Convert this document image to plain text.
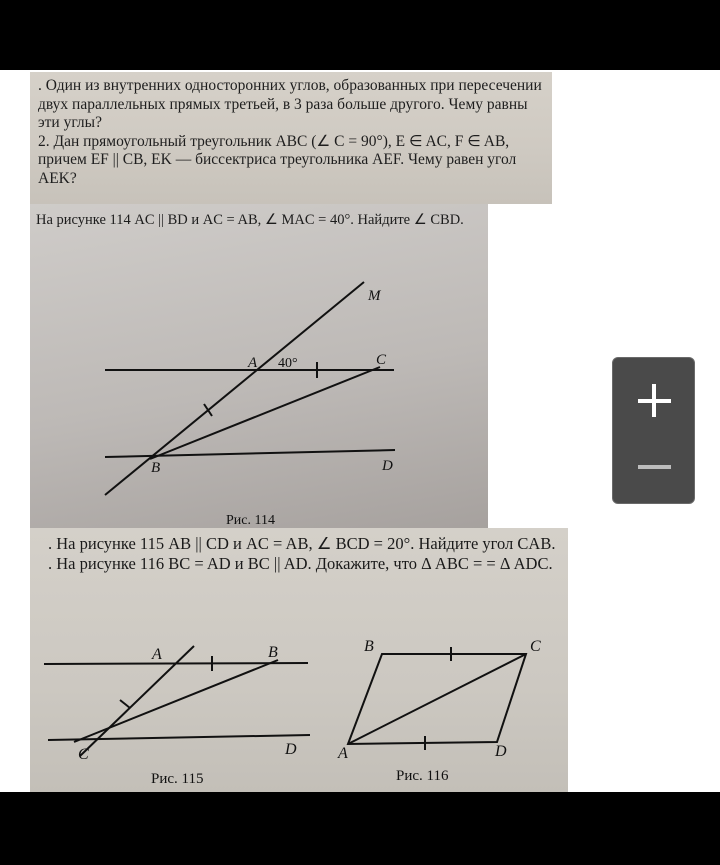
. Один из внутренних односторонних углов, образованных при пересечении двух параллельных прямых третьей, в 3 раза больше другого. Чему равны эти углы?

2. Дан прямоугольный треугольник ABC (∠ C = 90°), E ∈ AC, F ∈ AB, причем EF || CB, EK — биссектриса треугольника AEF. Чему равен угол AEK?

На рисунке 114 AC || BD и AC = AB, ∠ MAC = 40°. Найдите ∠ CBD.
M
A 40°	C
B	D
Рис. 114

. На рисунке 115 AB || CD и AC = AB, ∠ BCD = 20°. Найдите угол CAB.

. На рисунке 116 BC = AD и BC || AD. Докажите, что Δ ABC = = Δ ADC.

A	B
C	D
Рис. 115
B	C
A	D
Рис. 116
